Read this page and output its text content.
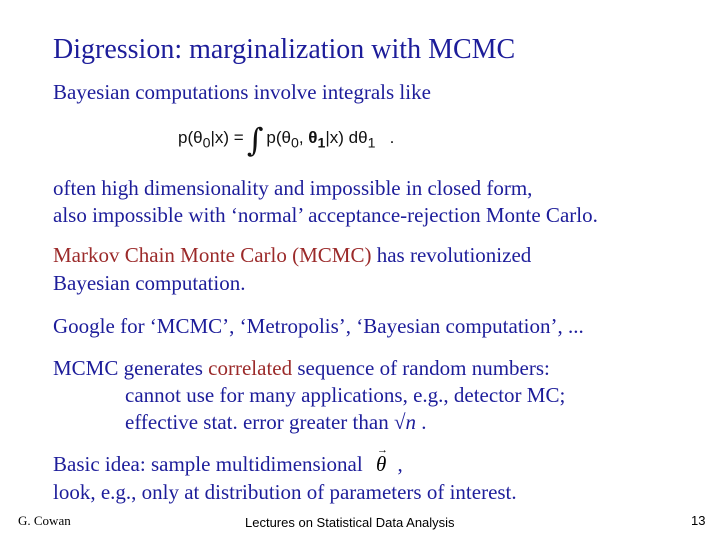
Digression: marginalization with MCMC
Bayesian computations involve integrals like
$p(\theta_0|x)$ = ∫ $p(\theta_0$, $\theta_1|x$) $d\theta_1$ .
often high dimensionality and impossible in closed form,
also impossible with ‘normal’ acceptance-rejection Monte Carlo.
Markov Chain Monte Carlo (MCMC) has revolutionized
Bayesian computation.
Google for ‘MCMC’, ‘Metropolis’, ‘Bayesian computation’, ...
MCMC generates correlated sequence of random numbers:
cannot use for many applications, e.g., detector MC;
effective stat. error greater than √n .
Basic idea: sample multidimensional
→
θ ,
look, e.g., only at distribution of parameters of interest.
G. Cowan	Lectures on Statistical Data Analysis	13
